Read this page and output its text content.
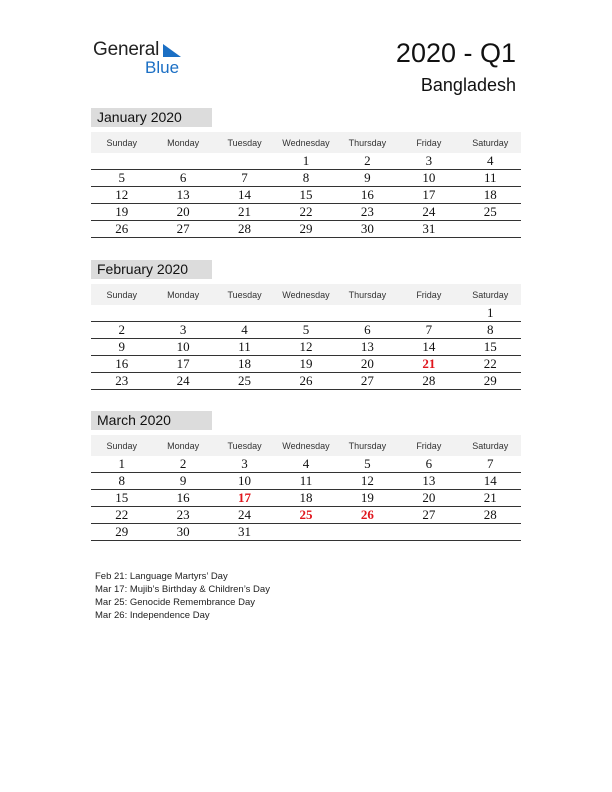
General
Blue	2020 - Q1
Bangladesh
January 2020
Sunday	Monday	Tuesday	Wednesday	Thursday	Friday	Saturday
			1	2	3	4
5	6	7	8	9	10	11
12	13	14	15	16	17	18
19	20	21	22	23	24	25
26	27	28	29	30	31	
February 2020
Sunday	Monday	Tuesday	Wednesday	Thursday	Friday	Saturday
						1
2	3	4	5	6	7	8
9	10	11	12	13	14	15
16	17	18	19	20	21	22
23	24	25	26	27	28	29
March 2020
Sunday	Monday	Tuesday	Wednesday	Thursday	Friday	Saturday
1	2	3	4	5	6	7
8	9	10	11	12	13	14
15	16	17	18	19	20	21
22	23	24	25	26	27	28
29	30	31				
Feb 21: Language Martyrs’ Day
Mar 17: Mujib’s Birthday & Children’s Day
Mar 25: Genocide Remembrance Day
Mar 26: Independence Day
